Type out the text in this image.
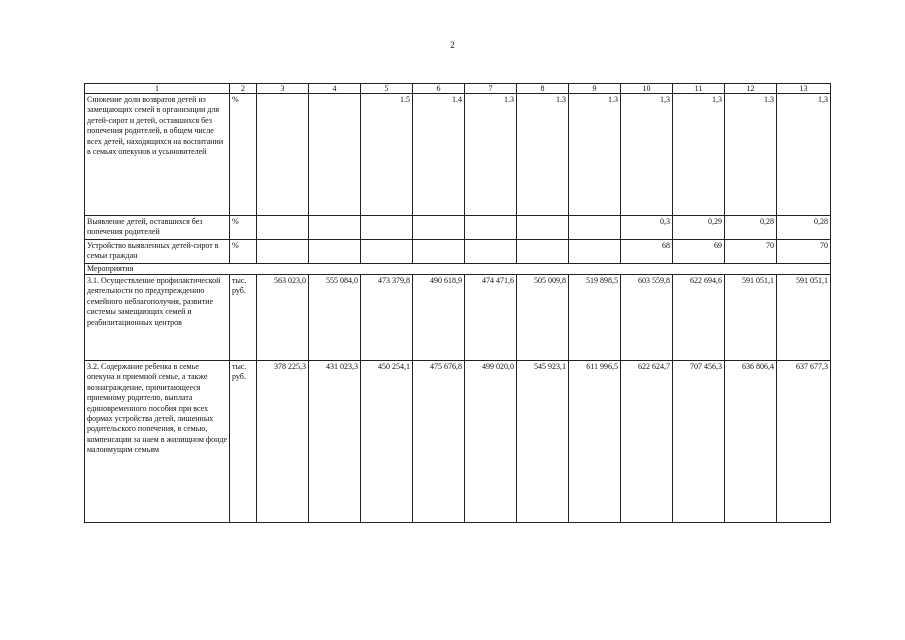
2
1	2	3	4	5	6	7	8	9	10	11	12	13
Снижение доли возвратов детей из замещающих семей в организации для детей-сирот и детей, оставшихся без попечения родителей, в общем числе всех детей, находящихся на воспитании в семьях опекунов и усыновителей	%			1.5	1.4	1.3	1.3	1.3	1,3	1,3	1.3	1,3
Выявление детей, оставшихся без попечения родителей	%								0,3	0,29	0,28	0,28
Устройство выявленных детей-сирот в семьи граждан	%								68	69	70	70
Мероприятия												
3.1. Осуществление профилактической деятельности по предупреждению семейного неблагополучия, развитие системы замещающих семей и реабилитационных центров	тыс. руб.	563 023,0	555 084,0	473 379,8	490 618,9	474 471,6	505 009,8	519 898,5	603 559,8	622 694,6	591 051,1	591 051,1
3.2. Содержание ребенка в семье опекуна и приемной семье, а также вознаграждение, причитающееся приемному родителю, выплата единовременного пособия при всех формах устройства детей, лишенных родительского попечения, в семью, компенсации за наем в жилищном фонде малоимущим семьям	тыс. руб.	378 225,3	431 023,3	450 254,1	475 676,8	499 020,0	545 923,1	611 996,5	622 624,7	707 456,3	636 806,4	637 677,3
